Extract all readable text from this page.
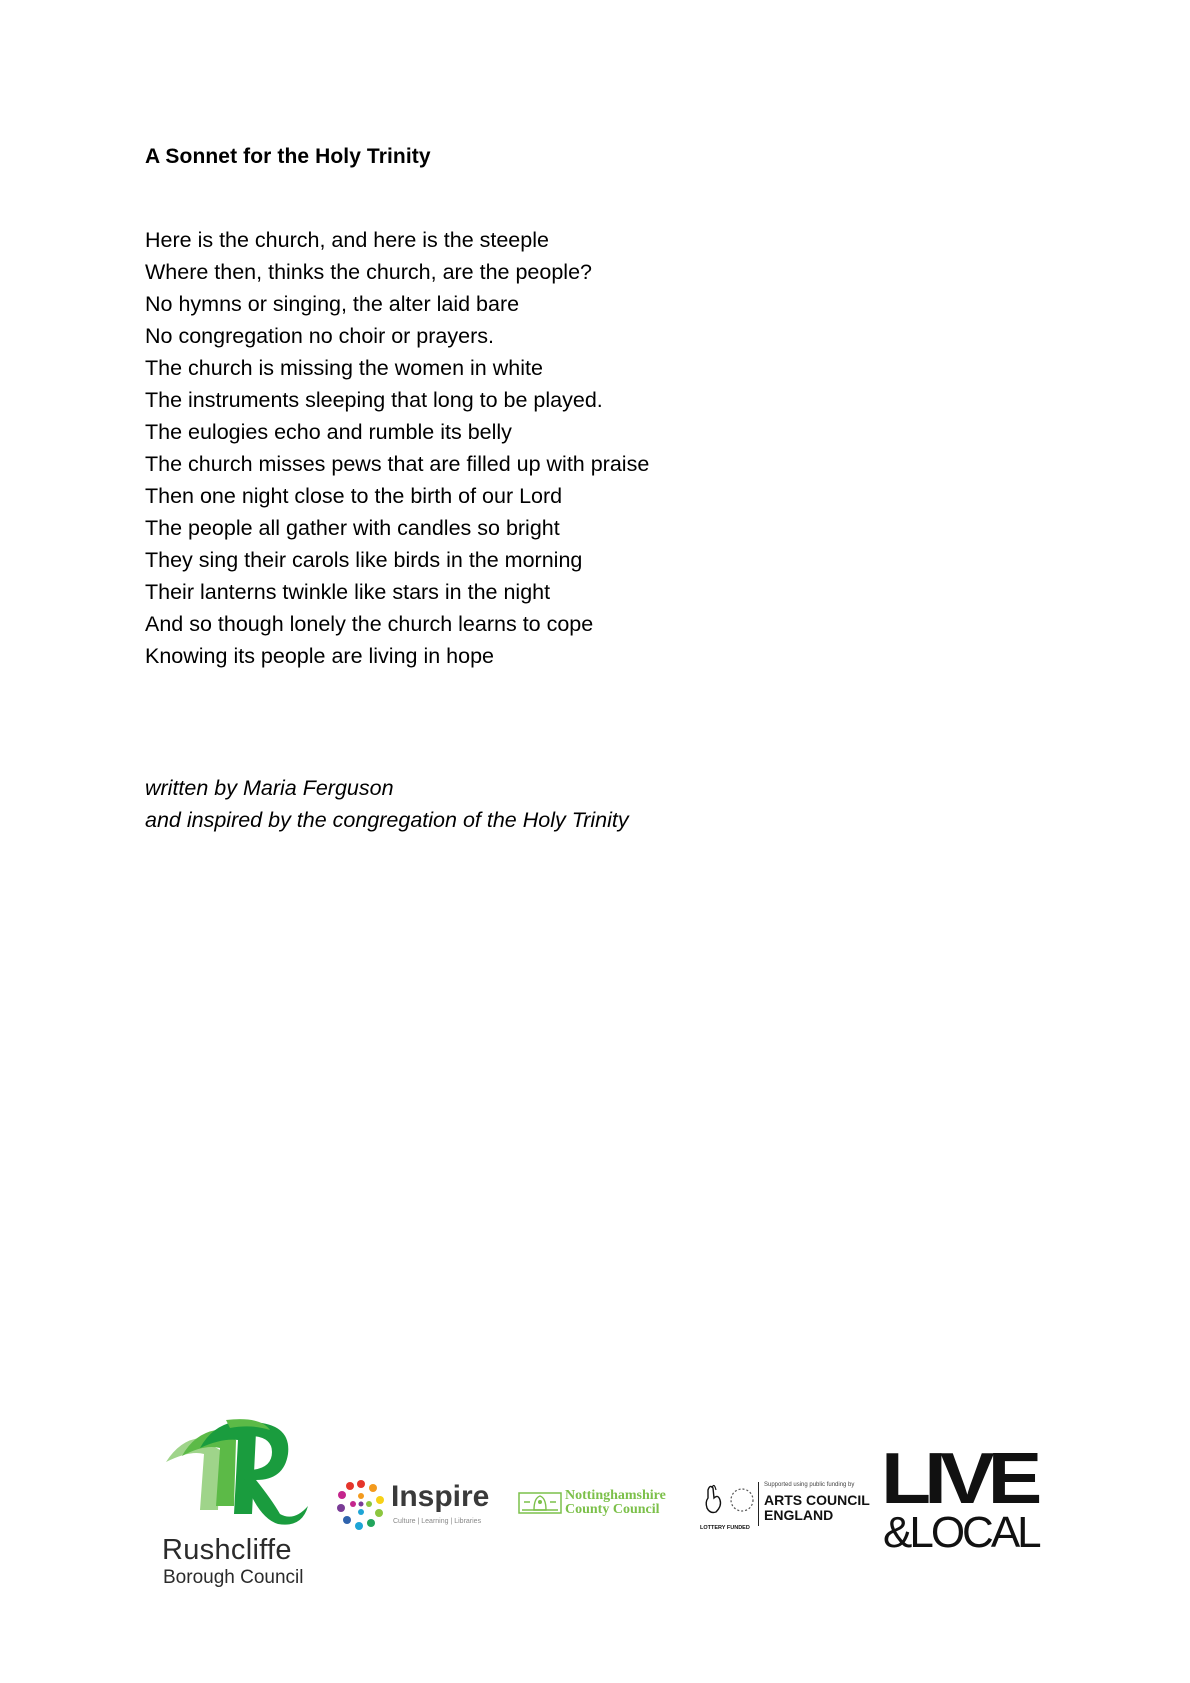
A Sonnet for the Holy Trinity
Here is the church, and here is the steeple
Where then, thinks the church, are the people?
No hymns or singing, the alter laid bare
No congregation no choir or prayers.
The church is missing the women in white
The instruments sleeping that long to be played.
The eulogies echo and rumble its belly
The church misses pews that are filled up with praise
Then one night close to the birth of our Lord
The people all gather with candles so bright
They sing their carols like birds in the morning
Their lanterns twinkle like stars in the night
And so though lonely the church learns to cope
Knowing its people are living in hope
written by Maria Ferguson
and inspired by the congregation of the Holy Trinity
Rushcliffe
Borough Council
Inspire
Culture | Learning | Libraries
Nottinghamshire
County Council
Supported using public funding by
ARTS COUNCIL
ENGLAND
LOTTERY FUNDED
LIVE
&LOCAL
